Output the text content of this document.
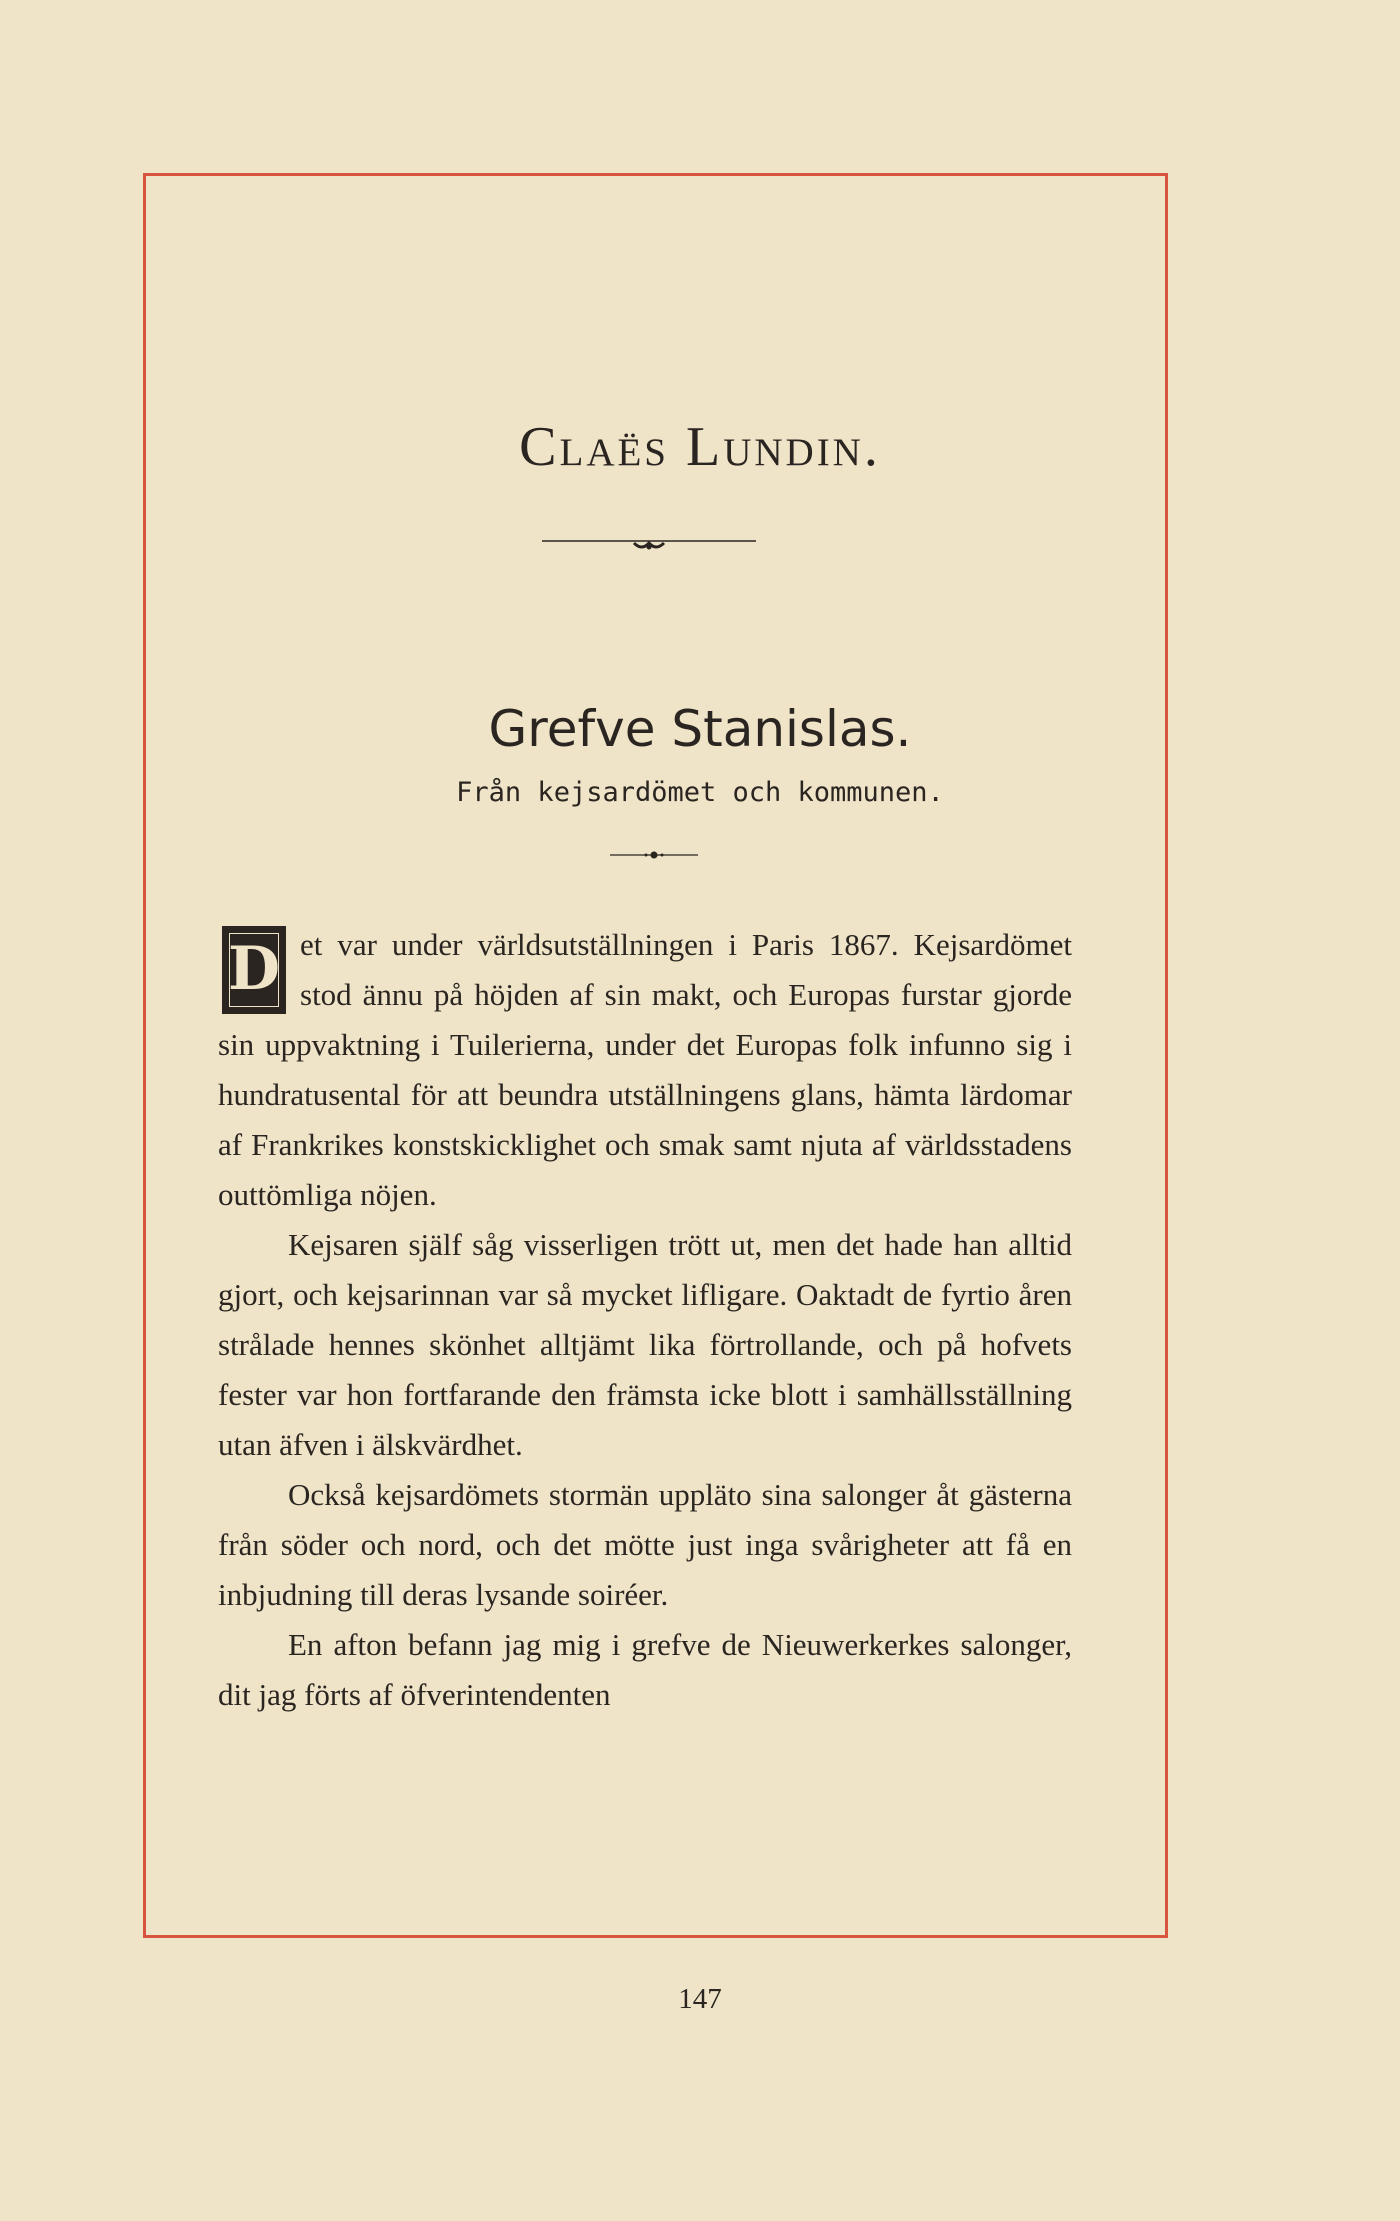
Claës Lundin.
Grefve Stanislas.
Från kejsardömet och kommunen.

D et var under världsutställningen i Paris 1867. Kejsardömet stod ännu på höjden af sin makt, och Europas furstar gjorde sin uppvaktning i Tuilerierna, under det Europas folk infunno sig i hundratusental för att beundra utställningens glans, hämta lärdomar af Frankrikes konstskicklighet och smak samt njuta af världsstadens outtömliga nöjen.

Kejsaren själf såg visserligen trött ut, men det hade han alltid gjort, och kejsarinnan var så mycket lifligare. Oaktadt de fyrtio åren strålade hennes skönhet alltjämt lika förtrollande, och på hofvets fester var hon fortfarande den främsta icke blott i samhällsställning utan äfven i älskvärdhet.

Också kejsardömets stormän uppläto sina salonger åt gästerna från söder och nord, och det mötte just inga svårigheter att få en inbjudning till deras lysande soiréer.

En afton befann jag mig i grefve de Nieuwerkerkes salonger, dit jag förts af öfverintendenten

147
